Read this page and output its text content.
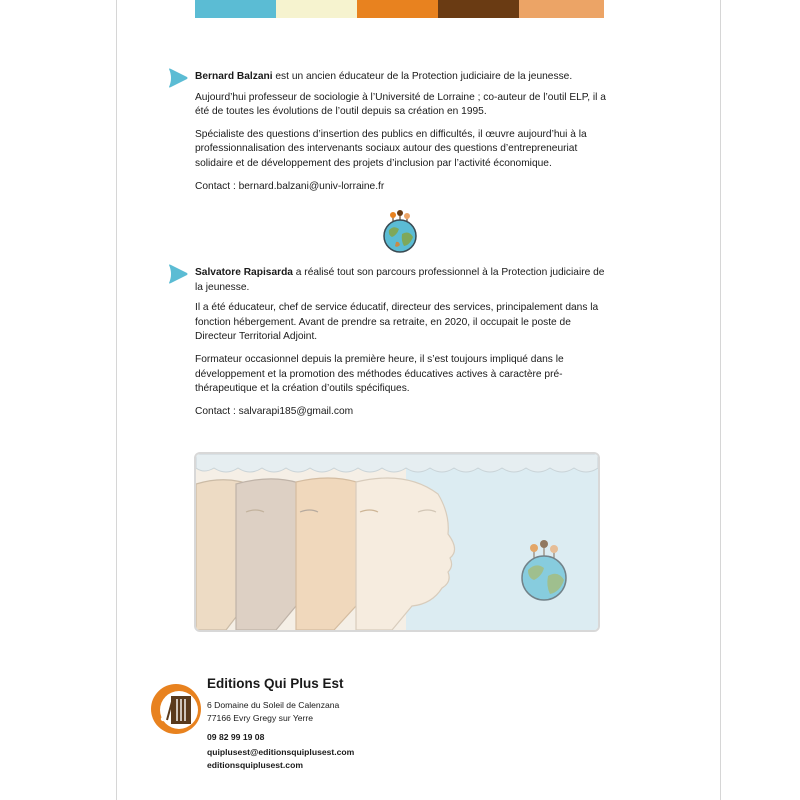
Bernard Balzani est un ancien éducateur de la Protection judiciaire de la jeunesse.

Aujourd’hui professeur de sociologie à l’Université de Lorraine ; co-auteur de l’outil ELP, il a été de toutes les évolutions de l’outil depuis sa création en 1995.

Spécialiste des questions d’insertion des publics en difficultés, il œuvre aujourd’hui à la professionnalisation des intervenants sociaux autour des questions d’entrepreneuriat solidaire et de développement des projets d’inclusion par l’activité économique.

Contact : bernard.balzani@univ-lorraine.fr

Salvatore Rapisarda a réalisé tout son parcours professionnel à la Protection judiciaire de la jeunesse.

Il a été éducateur, chef de service éducatif, directeur des services, principalement dans la fonction hébergement. Avant de prendre sa retraite, en 2020, il occupait le poste de Directeur Territorial Adjoint.

Formateur occasionnel depuis la première heure, il s’est toujours impliqué dans le développement et la promotion des méthodes éducatives actives à caractère pré-thérapeutique et la création d’outils spécifiques.

Contact : salvarapi185@gmail.com

Editions Qui Plus Est
6 Domaine du Soleil de Calenzana
77166 Evry Gregy sur Yerre
09 82 99 19 08
quiplusest@editionsquiplusest.com
editionsquiplusest.com
